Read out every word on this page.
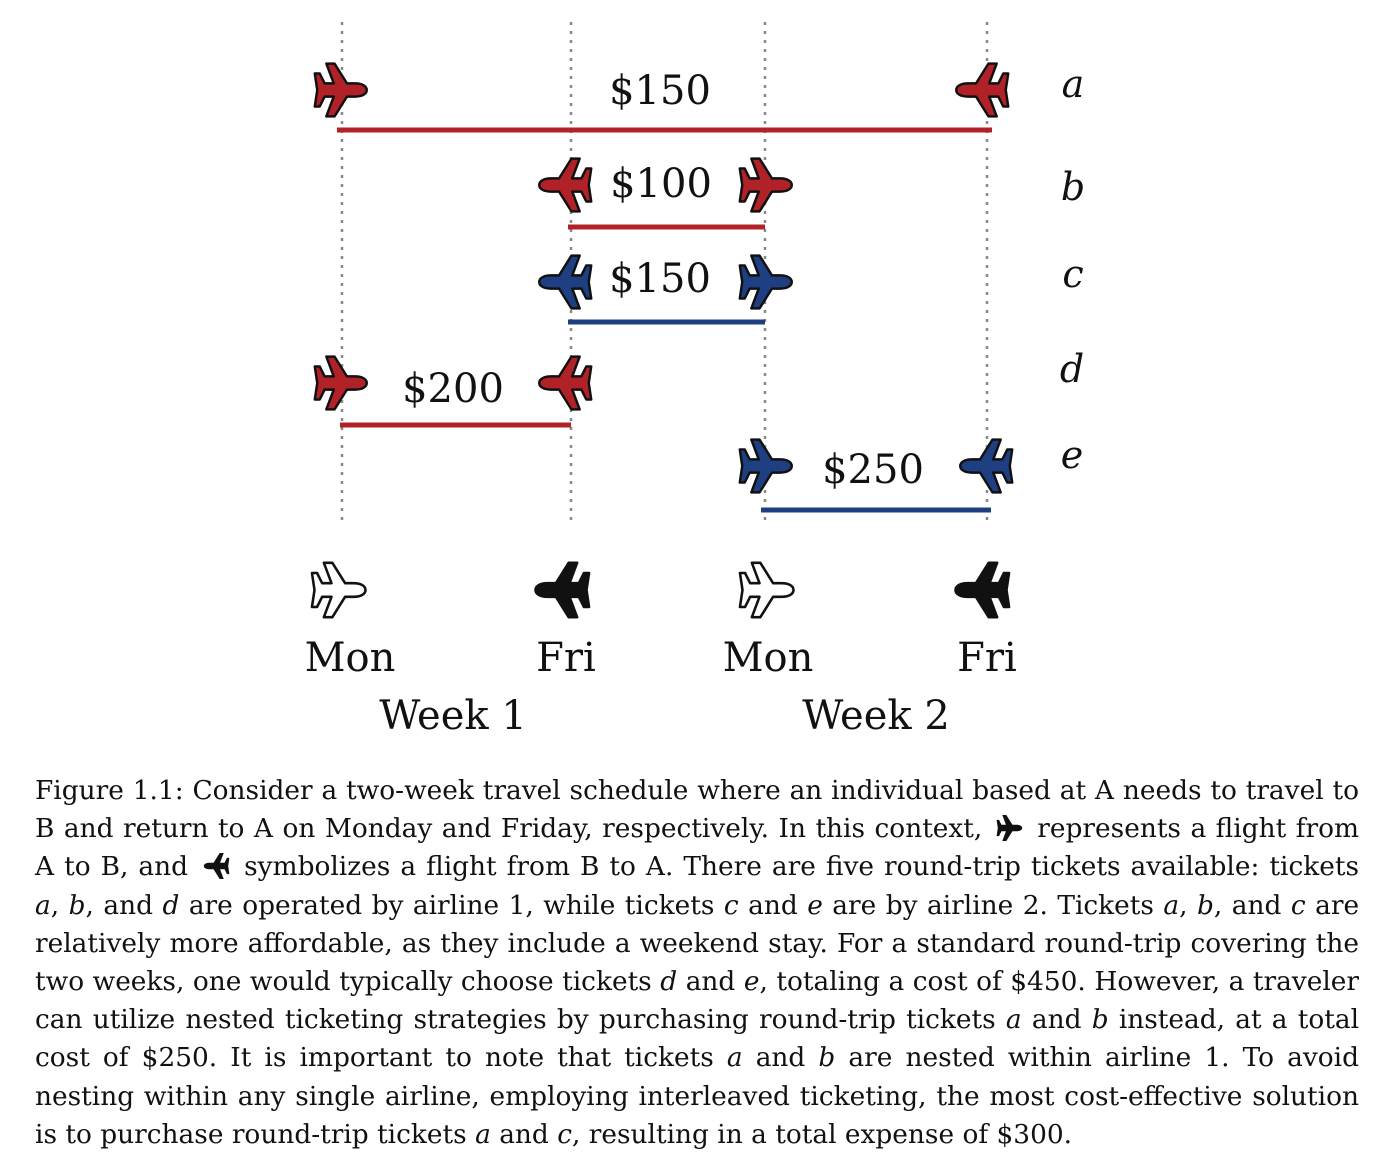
$150	a
$100	b
$150	c
$200	d
$250	e
Mon	Fri	Mon	Fri
Week 1	Week 2

Figure 1.1: Consider a two-week travel schedule where an individual based at A needs to travel to B and return to A on Monday and Friday, respectively. In this context, represents a flight from A to B, and symbolizes a flight from B to A. There are five round-trip tickets available: tickets a, b, and d are operated by airline 1, while tickets c and e are by airline 2. Tickets a, b, and c are relatively more affordable, as they include a weekend stay. For a standard round-trip covering the two weeks, one would typically choose tickets d and e, totaling a cost of $450. However, a traveler can utilize nested ticketing strategies by purchasing round-trip tickets a and b instead, at a total cost of $250. It is important to note that tickets a and b are nested within airline 1. To avoid nesting within any single airline, employing interleaved ticketing, the most cost-effective solution is to purchase round-trip tickets a and c, resulting in a total expense of $300.
